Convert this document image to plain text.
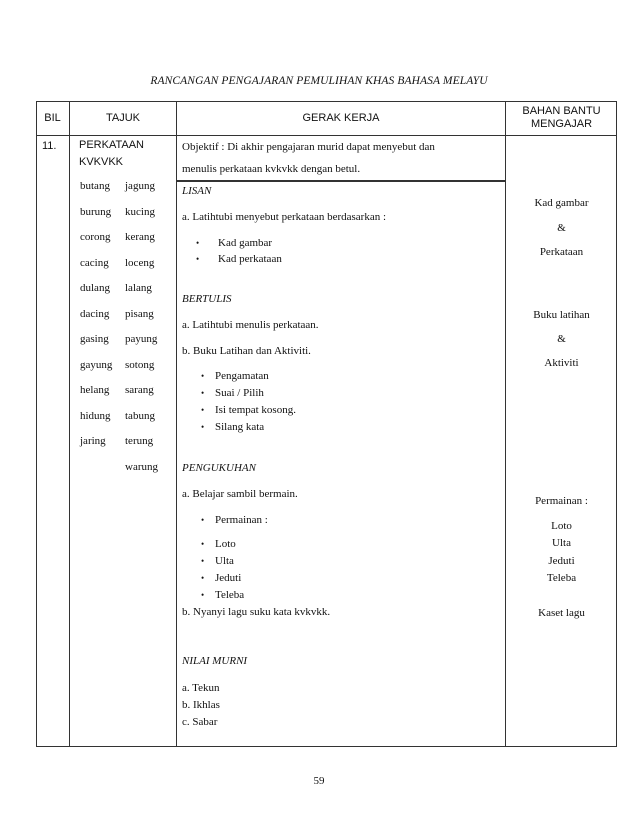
RANCANGAN PENGAJARAN PEMULIHAN KHAS BAHASA MELAYU
BIL	TAJUK	GERAK KERJA
BAHAN BANTU MENGAJAR
11. PERKATAAN
KVKVKK
butang
burung
corong
cacing
dulang
dacing
gasing
gayung
helang
hidung
jaring
jagung
kucing
kerang
loceng
lalang
pisang
payung
sotong
sarang
tabung
terung
warung
Objektif : Di akhir pengajaran murid dapat menyebut dan
menulis perkataan kvkvkk dengan betul.
LISAN
a. Latihtubi menyebut perkataan berdasarkan :
• Kad gambar
• Kad perkataan
BERTULIS
a. Latihtubi menulis perkataan.
b. Buku Latihan dan Aktiviti.
• Pengamatan
• Suai / Pilih
• Isi tempat kosong.
• Silang kata
PENGUKUHAN
a. Belajar sambil bermain.
• Permainan :
• Loto
• Ulta
• Jeduti
• Teleba
b. Nyanyi lagu suku kata kvkvkk.
NILAI MURNI
a. Tekun
b. Ikhlas
c. Sabar
Kad gambar
&
Perkataan
Buku latihan
&
Aktiviti
Permainan :
Loto
Ulta
Jeduti
Teleba
Kaset lagu
59
